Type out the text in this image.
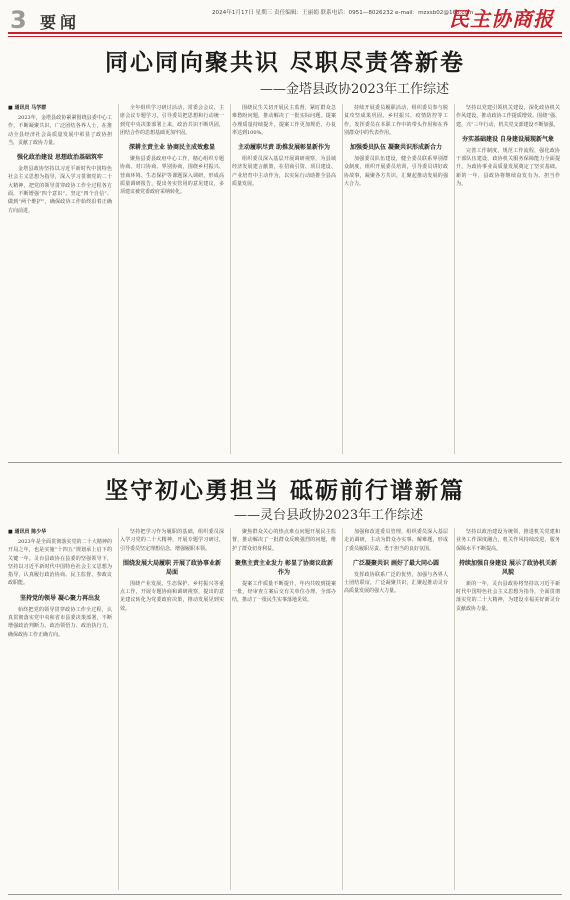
3 要闻	2024年1月17日 星期三 责任编辑：王丽娟 联系电话：0951—8026232 e-mail：mzxsb02@163.com
民主协商报
同心同向聚共识 尽职尽责答新卷
——金塔县政协2023年工作综述
■ 通讯员 马学群

2023年，金塔县政协紧紧围绕县委中心工作，不断凝聚共识，广泛团结各界人士，在推动全县经济社会高质量发展中彰显了政协担当，贡献了政协力量。

强化政治建设 思想政治基础筑牢

金塔县政协坚持以习近平新时代中国特色社会主义思想为指导，深入学习贯彻党的二十大精神，把党的领导贯穿政协工作全过程各方面，不断增强“四个意识”、坚定“四个自信”、做到“两个维护”，确保政协工作始终沿着正确方向前进。

全年组织学习研讨活动，常委会会议、主席会议专题学习，引导委员把思想和行动统一到党中央决策部署上来，政治共识不断巩固，团结合作的思想基础更加牢固。

深耕主责主业 协商民主成效愈显

聚焦县委县政府中心工作，精心组织专题协商、对口协商、界别协商，围绕乡村振兴、营商环境、生态保护等课题深入调研，形成高质量调研报告，提出务实管用的意见建议，多项建议被党委政府采纳转化。

围绕民生关切开展民主监督，紧盯群众急难愁盼问题，推动解决了一批实际问题。提案办理质量持续提升，提案工作更加规范，办复率达到100%。

主动履职尽责 助推发展彰显新作为

组织委员深入基层开展调研视察，为县域经济发展建言献策，在招商引资、项目建设、产业培育中主动作为，以实际行动助推全县高质量发展。

持续开展委员履职活动，组织委员参与脱贫攻坚成果巩固、乡村振兴、疫情防控等工作，发挥委员在本职工作中的带头作用和在界别群众中的代表作用。

加强委员队伍 凝聚共识形成新合力

加强委员队伍建设，健全委员联系界别群众制度，组织开展委员培训，引导委员讲好政协故事，凝聚各方共识，汇聚起推动发展的强大合力。

坚持以党建引领机关建设，深化政协机关作风建设，推动政协工作提质增效。围绕“强、建、兴”三年行动，机关党支部建设不断加强。

夯实基础建设 自身建设展现新气象

完善工作制度，规范工作流程，强化政协干部队伍建设，政协机关服务保障能力全面提升，为政协事业高质量发展奠定了坚实基础。新的一年，县政协将继续奋发有为、担当作为。

坚守初心勇担当 砥砺前行谱新篇
——灵台县政协2023年工作综述
■ 通讯员 陈少华

2023年是全面贯彻落实党的二十大精神的开局之年，也是实施“十四五”规划承上启下的关键一年。灵台县政协在县委的坚强领导下，坚持以习近平新时代中国特色社会主义思想为指导，认真履行政治协商、民主监督、参政议政职能。

坚持党的领导 凝心聚力再出发

始终把党的领导贯穿政协工作全过程，认真贯彻落实党中央和省市县委决策部署，不断增强政治判断力、政治领悟力、政治执行力，确保政协工作正确方向。

坚持把学习作为履职的基础，组织委员深入学习党的二十大精神，开展专题学习研讨，引导委员坚定理想信念，增强履职本领。

围绕发展大局履职 开展了政协事业新局面

围绕产业发展、生态保护、乡村振兴等重点工作，开展专题协商和调研视察，提出的意见建议转化为党委政府决策，推动发展见到实效。

聚焦群众关心的热点难点问题开展民主监督，推动解决了一批群众反映强烈的问题，维护了群众切身利益。

聚焦主责主业发力 彰显了协商议政新作为

提案工作质量不断提升，年内共收到提案一批，经审查立案后交有关单位办理，全部办结，推动了一批民生实事落地见效。

加强和改进委员管理，组织委员深入基层走访调研，主动为群众办实事、解难题，形成了委员履职尽责、勇于担当的良好氛围。

广泛凝聚共识 画好了最大同心圆

发挥政协联系广泛的优势，加强与各界人士团结联谊，广泛凝聚共识，汇聚起推动灵台高质量发展的强大力量。

坚持以政治建设为统领，推进机关党建和业务工作深度融合，机关作风持续改进，服务保障水平不断提高。

持续加强自身建设 展示了政协机关新风貌

新的一年，灵台县政协将坚持以习近平新时代中国特色社会主义思想为指导，全面贯彻落实党的二十大精神，为建设幸福美好新灵台贡献政协力量。
